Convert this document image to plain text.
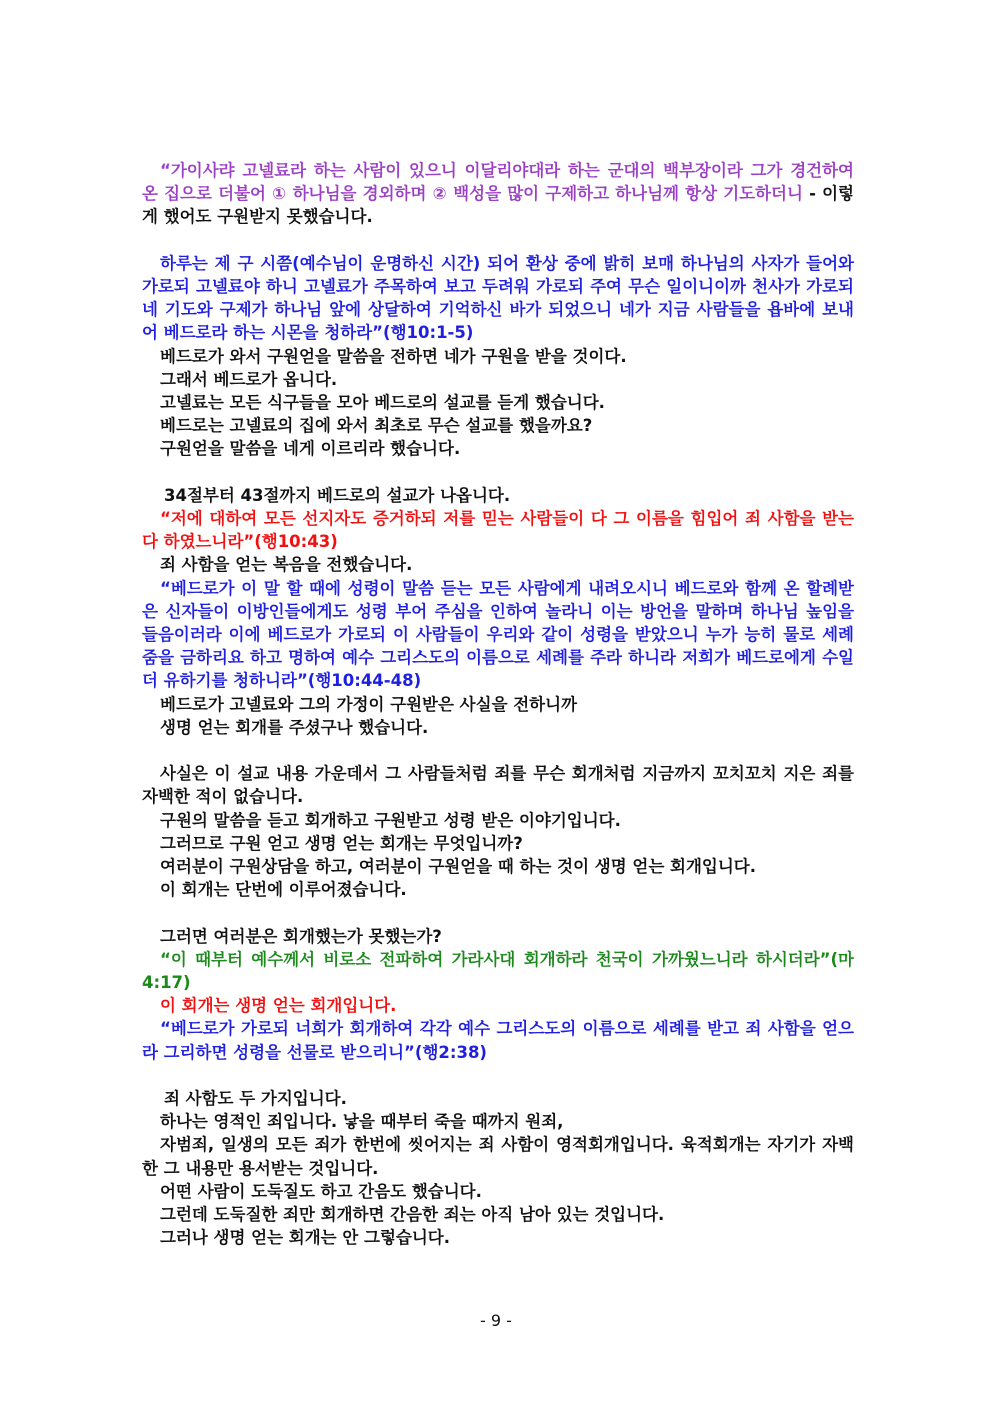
“가이사랴 고넬료라 하는 사람이 있으니 이달리야대라 하는 군대의 백부장이라 그가 경건하여 온 집으로 더불어 ① 하나님을 경외하며 ② 백성을 많이 구제하고 하나님께 항상 기도하더니 - 이렇게 했어도 구원받지 못했습니다.

하루는 제 구 시쯤(예수님이 운명하신 시간) 되어 환상 중에 밝히 보매 하나님의 사자가 들어와 가로되 고넬료야 하니 고넬료가 주목하여 보고 두려워 가로되 주여 무슨 일이니이까 천사가 가로되 네 기도와 구제가 하나님 앞에 상달하여 기억하신 바가 되었으니 네가 지금 사람들을 욥바에 보내어 베드로라 하는 시몬을 청하라”(행10:1-5)

베드로가 와서 구원얻을 말씀을 전하면 네가 구원을 받을 것이다.

그래서 베드로가 옵니다.

고넬료는 모든 식구들을 모아 베드로의 설교를 듣게 했습니다.

베드로는 고넬료의 집에 와서 최초로 무슨 설교를 했을까요?

구원얻을 말씀을 네게 이르리라 했습니다.

34절부터 43절까지 베드로의 설교가 나옵니다.

“저에 대하여 모든 선지자도 증거하되 저를 믿는 사람들이 다 그 이름을 힘입어 죄 사함을 받는다 하였느니라”(행10:43)

죄 사함을 얻는 복음을 전했습니다.

“베드로가 이 말 할 때에 성령이 말씀 듣는 모든 사람에게 내려오시니 베드로와 함께 온 할례받은 신자들이 이방인들에게도 성령 부어 주심을 인하여 놀라니 이는 방언을 말하며 하나님 높임을 들음이러라 이에 베드로가 가로되 이 사람들이 우리와 같이 성령을 받았으니 누가 능히 물로 세례 줌을 금하리요 하고 명하여 예수 그리스도의 이름으로 세례를 주라 하니라 저희가 베드로에게 수일 더 유하기를 청하니라”(행10:44-48)

베드로가 고넬료와 그의 가정이 구원받은 사실을 전하니까

생명 얻는 회개를 주셨구나 했습니다.

사실은 이 설교 내용 가운데서 그 사람들처럼 죄를 무슨 회개처럼 지금까지 꼬치꼬치 지은 죄를 자백한 적이 없습니다.

구원의 말씀을 듣고 회개하고 구원받고 성령 받은 이야기입니다.

그러므로 구원 얻고 생명 얻는 회개는 무엇입니까?

여러분이 구원상담을 하고, 여러분이 구원얻을 때 하는 것이 생명 얻는 회개입니다.

이 회개는 단번에 이루어졌습니다.

그러면 여러분은 회개했는가 못했는가?

“이 때부터 예수께서 비로소 전파하여 가라사대 회개하라 천국이 가까웠느니라 하시더라”(마4:17)

이 회개는 생명 얻는 회개입니다.

“베드로가 가로되 너희가 회개하여 각각 예수 그리스도의 이름으로 세례를 받고 죄 사함을 얻으라 그리하면 성령을 선물로 받으리니”(행2:38)

죄 사함도 두 가지입니다.

하나는 영적인 죄입니다. 낳을 때부터 죽을 때까지 원죄,

자범죄, 일생의 모든 죄가 한번에 씻어지는 죄 사함이 영적회개입니다. 육적회개는 자기가 자백한 그 내용만 용서받는 것입니다.

어떤 사람이 도둑질도 하고 간음도 했습니다.

그런데 도둑질한 죄만 회개하면 간음한 죄는 아직 남아 있는 것입니다.

그러나 생명 얻는 회개는 안 그렇습니다.

- 9 -
